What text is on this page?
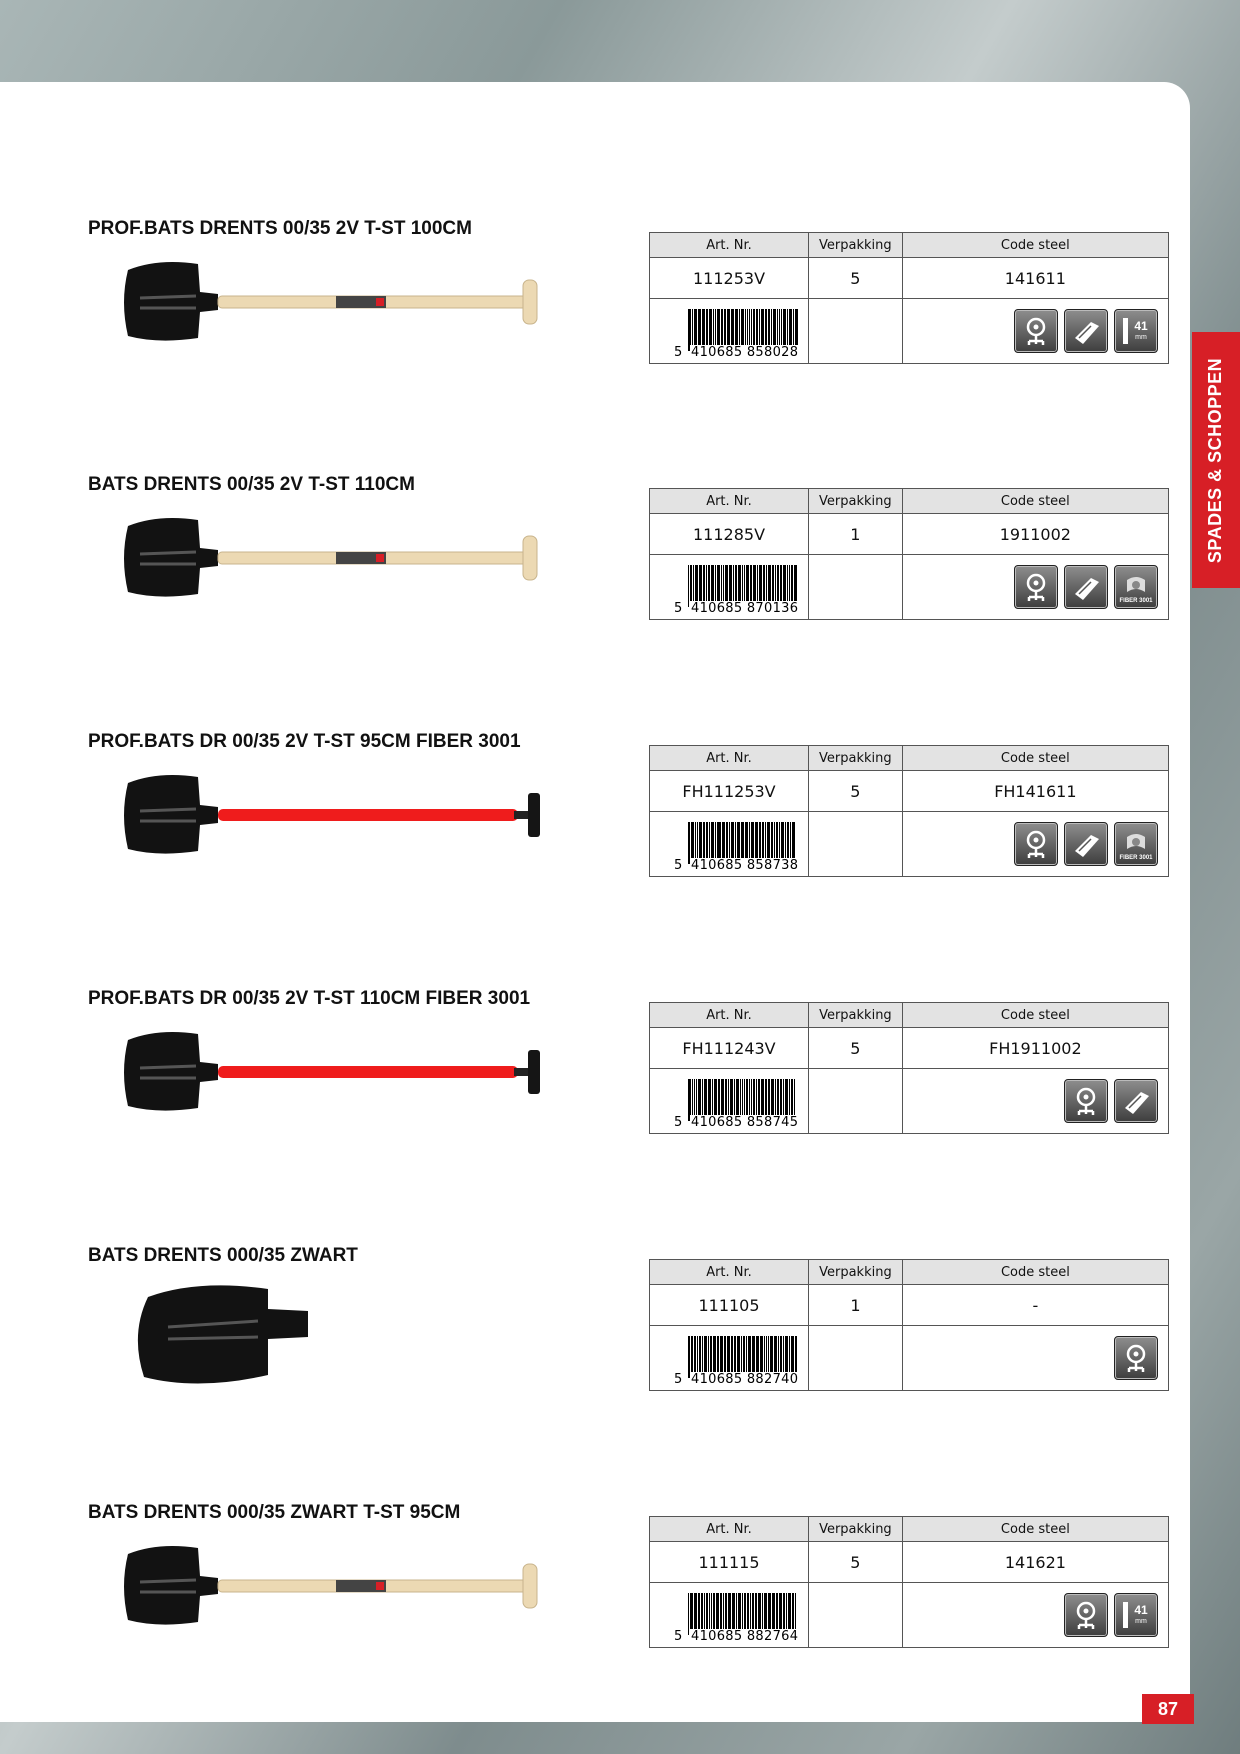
SPADES & SCHOPPEN
PROF.BATS DRENTS 00/35 2V T-ST 100CM
Art. Nr.	Verpakking	Code steel
111253V	5	141611

5 410685 858028		41
mm
BATS DRENTS 00/35 2V T-ST 110CM
Art. Nr.	Verpakking	Code steel
111285V	1	1911002

5 410685 870136		FIBER 3001
PROF.BATS DR 00/35 2V T-ST 95CM FIBER 3001
Art. Nr.	Verpakking	Code steel
FH111253V	5	FH141611

5 410685 858738		FIBER 3001
PROF.BATS DR 00/35 2V T-ST 110CM FIBER 3001
Art. Nr.	Verpakking	Code steel
FH111243V	5	FH1911002

5 410685 858745

BATS DRENTS 000/35 ZWART
Art. Nr.	Verpakking	Code steel
111105	1	-

5 410685 882740

BATS DRENTS 000/35 ZWART T-ST 95CM
Art. Nr.	Verpakking	Code steel
111115	5	141621

5 410685 882764		41
mm
87
